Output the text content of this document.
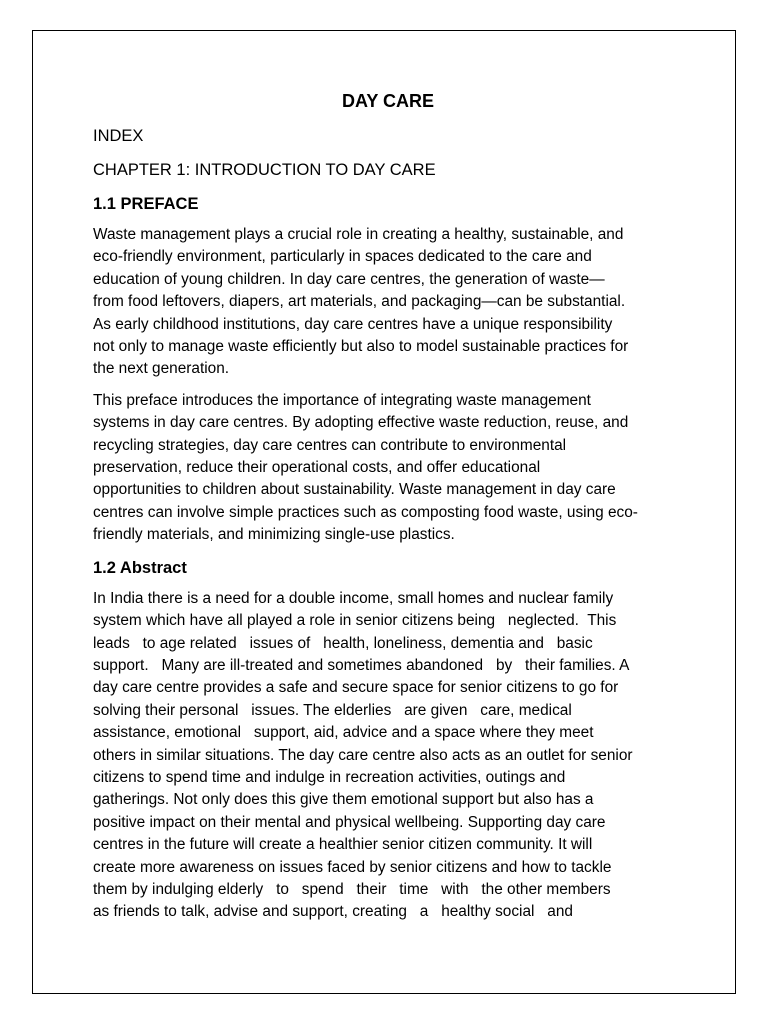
DAY CARE
INDEX
CHAPTER 1: INTRODUCTION TO DAY CARE
1.1 PREFACE

Waste management plays a crucial role in creating a healthy, sustainable, and
eco-friendly environment, particularly in spaces dedicated to the care and
education of young children. In day care centres, the generation of waste—
from food leftovers, diapers, art materials, and packaging—can be substantial.
As early childhood institutions, day care centres have a unique responsibility
not only to manage waste efficiently but also to model sustainable practices for
the next generation.

This preface introduces the importance of integrating waste management
systems in day care centres. By adopting effective waste reduction, reuse, and
recycling strategies, day care centres can contribute to environmental
preservation, reduce their operational costs, and offer educational
opportunities to children about sustainability. Waste management in day care
centres can involve simple practices such as composting food waste, using eco-
friendly materials, and minimizing single-use plastics.

1.2 Abstract

In India there is a need for a double income, small homes and nuclear family
system which have all played a role in senior citizens being   neglected.  This
leads   to age related   issues of   health, loneliness, dementia and   basic
support.   Many are ill-treated and sometimes abandoned   by   their families. A
day care centre provides a safe and secure space for senior citizens to go for
solving their personal   issues. The elderlies   are given   care, medical
assistance, emotional   support, aid, advice and a space where they meet
others in similar situations. The day care centre also acts as an outlet for senior
citizens to spend time and indulge in recreation activities, outings and
gatherings. Not only does this give them emotional support but also has a
positive impact on their mental and physical wellbeing. Supporting day care
centres in the future will create a healthier senior citizen community. It will
create more awareness on issues faced by senior citizens and how to tackle
them by indulging elderly   to   spend   their   time   with   the other members
as friends to talk, advise and support, creating   a   healthy social   and
